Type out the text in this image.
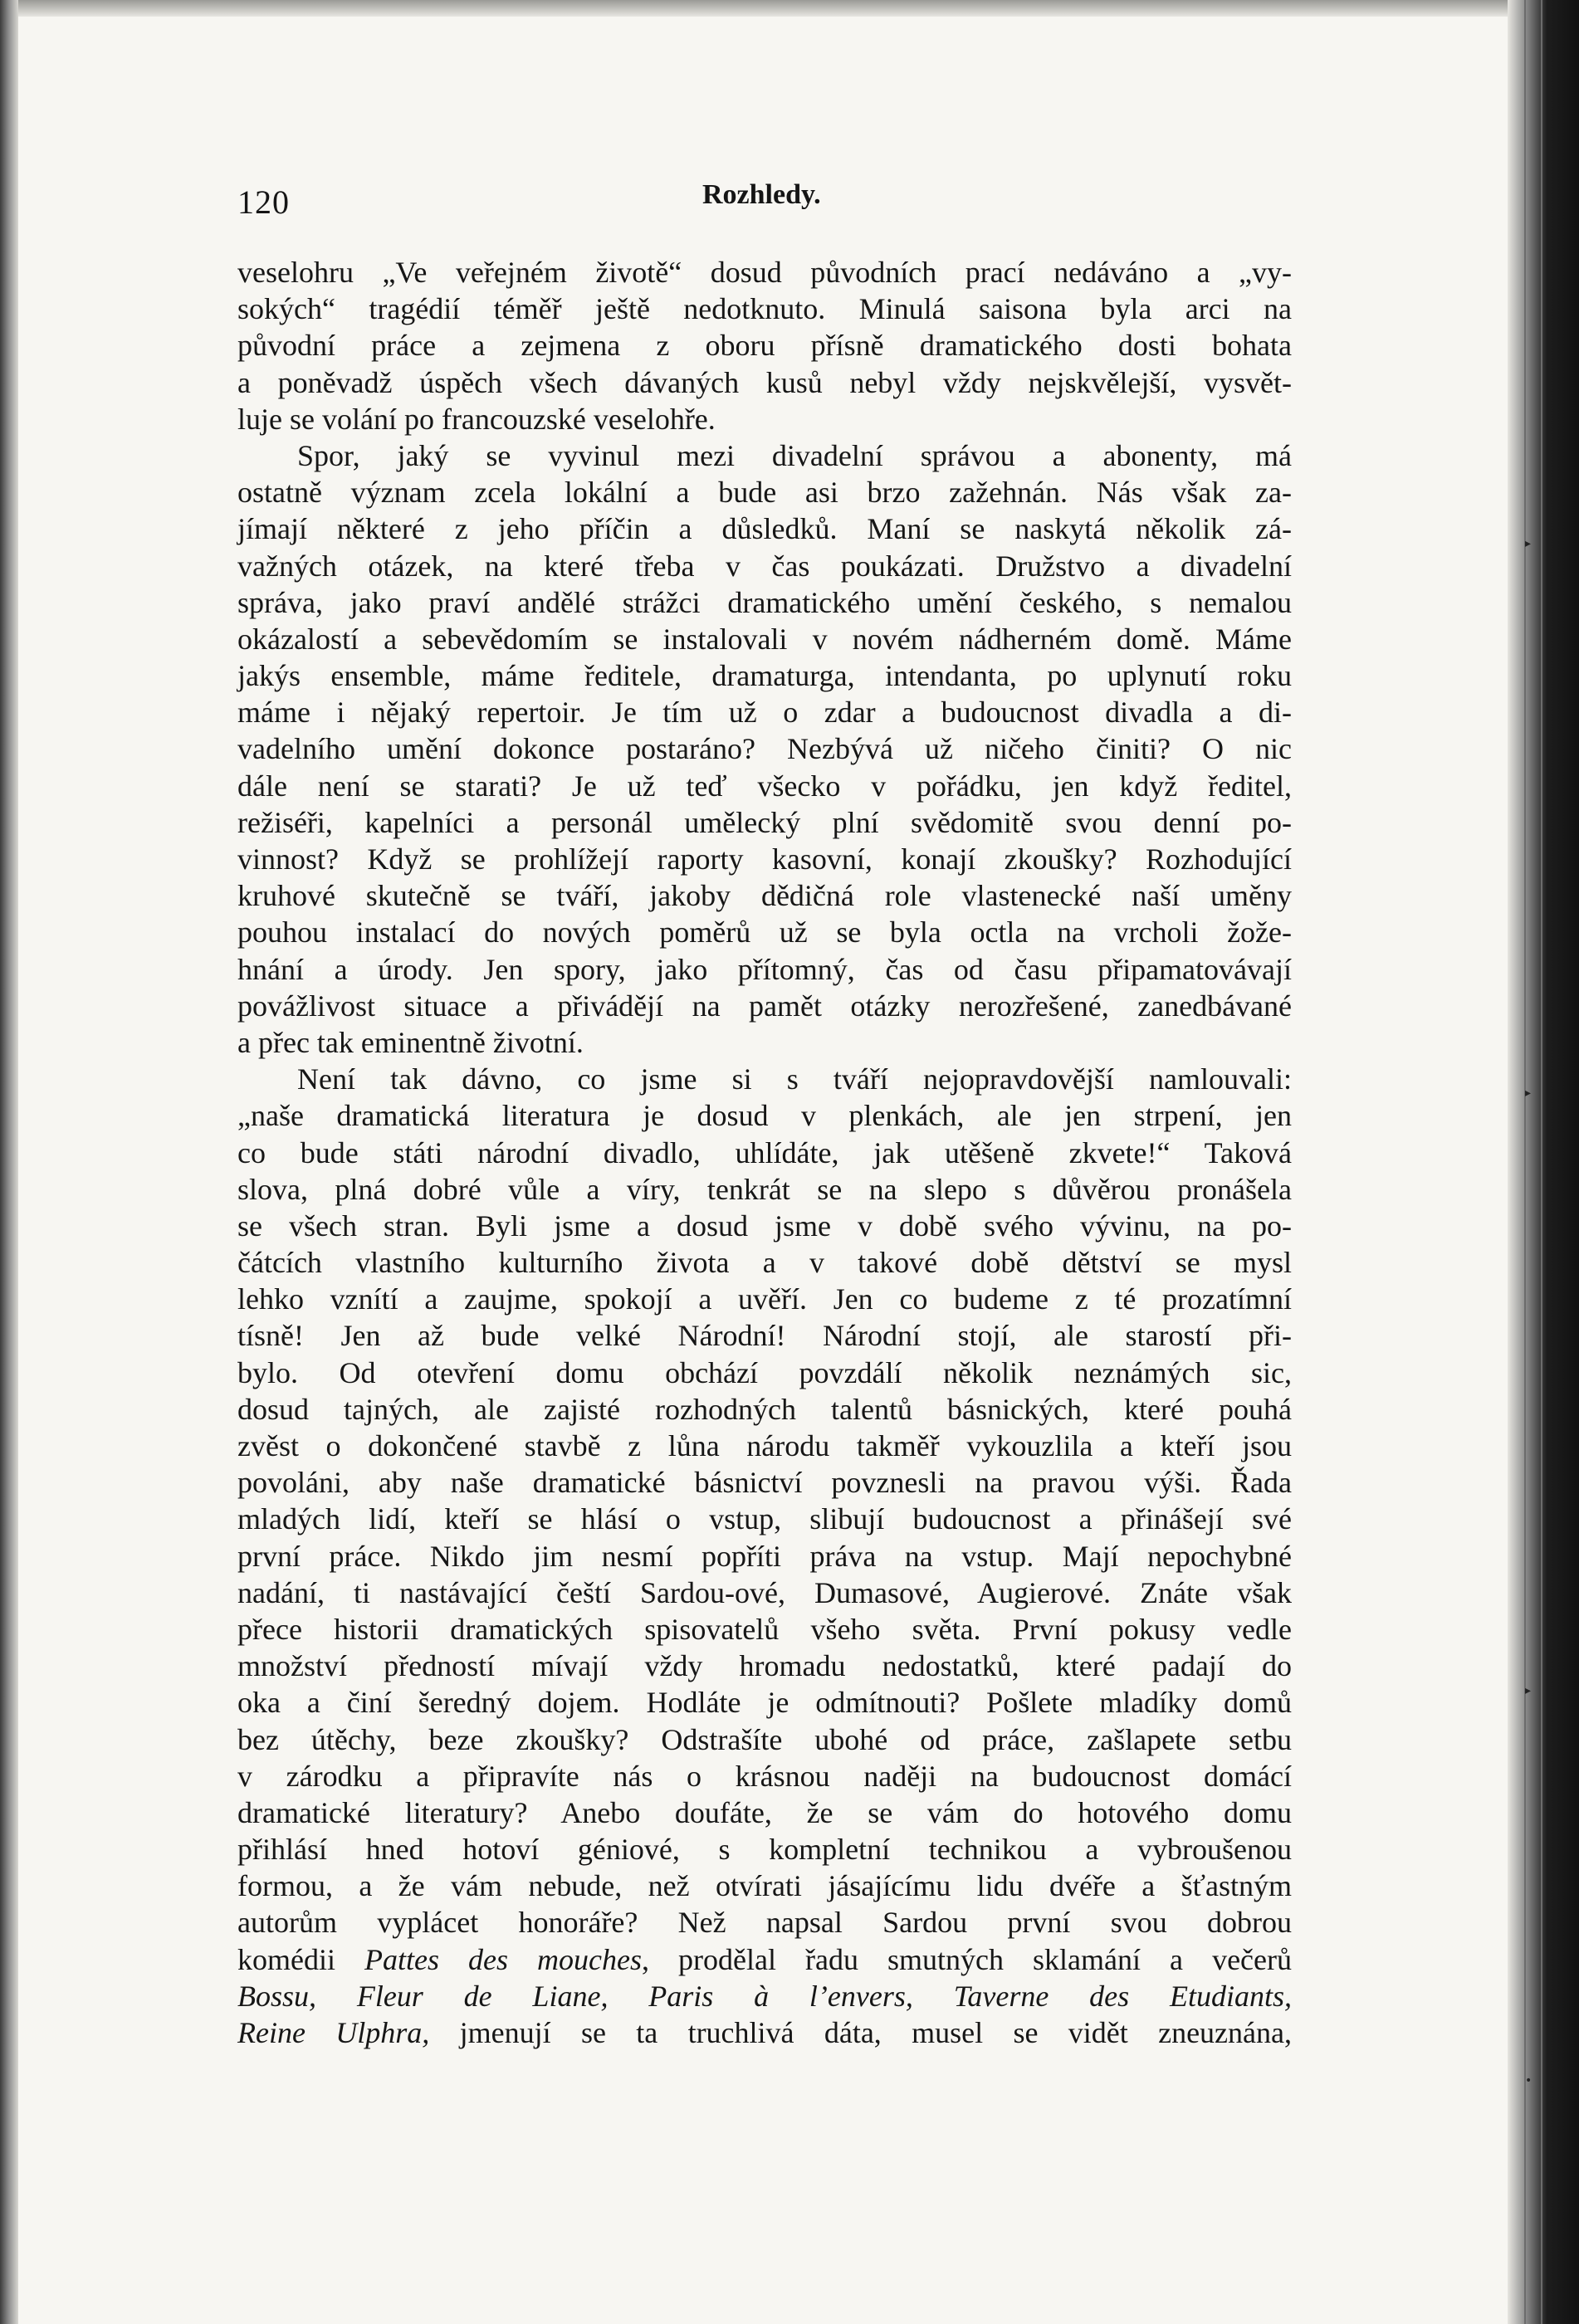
▸
▸
▸
•
120	Rozhledy.
veselohru „Ve veřejném životě“ dosud původních prací nedáváno a „vy-
sokých“ tragédií téměř ještě nedotknuto. Minulá saisona byla arci na
původní práce a zejmena z oboru přísně dramatického dosti bohata
a poněvadž úspěch všech dávaných kusů nebyl vždy nejskvělejší, vysvět-
luje se volání po francouzské veselohře.
Spor, jaký se vyvinul mezi divadelní správou a abonenty, má
ostatně význam zcela lokální a bude asi brzo zažehnán. Nás však za-
jímají některé z jeho příčin a důsledků. Maní se naskytá několik zá-
važných otázek, na které třeba v čas poukázati. Družstvo a divadelní
správa, jako praví andělé strážci dramatického umění českého, s nemalou
okázalostí a sebevědomím se instalovali v novém nádherném domě. Máme
jakýs ensemble, máme ředitele, dramaturga, intendanta, po uplynutí roku
máme i nějaký repertoir. Je tím už o zdar a budoucnost divadla a di-
vadelního umění dokonce postaráno? Nezbývá už ničeho činiti? O nic
dále není se starati? Je už teď všecko v pořádku, jen když ředitel,
režiséři, kapelníci a personál umělecký plní svědomitě svou denní po-
vinnost? Když se prohlížejí raporty kasovní, konají zkoušky? Rozhodující
kruhové skutečně se tváří, jakoby dědičná role vlastenecké naší uměny
pouhou instalací do nových poměrů už se byla octla na vrcholi žože-
hnání a úrody. Jen spory, jako přítomný, čas od času připamatovávají
povážlivost situace a přivádějí na pamět otázky nerozřešené, zanedbávané
a přec tak eminentně životní.
Není tak dávno, co jsme si s tváří nejopravdovější namlouvali:
„naše dramatická literatura je dosud v plenkách, ale jen strpení, jen
co bude státi národní divadlo, uhlídáte, jak utěšeně zkvete!“ Taková
slova, plná dobré vůle a víry, tenkrát se na slepo s důvěrou pronášela
se všech stran. Byli jsme a dosud jsme v době svého vývinu, na po-
čátcích vlastního kulturního života a v takové době dětství se mysl
lehko vznítí a zaujme, spokojí a uvěří. Jen co budeme z té prozatímní
tísně! Jen až bude velké Národní! Národní stojí, ale starostí při-
bylo. Od otevření domu obchází povzdálí několik neznámých sic,
dosud tajných, ale zajisté rozhodných talentů básnických, které pouhá
zvěst o dokončené stavbě z lůna národu takměř vykouzlila a kteří jsou
povoláni, aby naše dramatické básnictví povznesli na pravou výši. Řada
mladých lidí, kteří se hlásí o vstup, slibují budoucnost a přinášejí své
první práce. Nikdo jim nesmí popříti práva na vstup. Mají nepochybné
nadání, ti nastávající čeští Sardou-ové, Dumasové, Augierové. Znáte však
přece historii dramatických spisovatelů všeho světa. První pokusy vedle
množství předností mívají vždy hromadu nedostatků, které padají do
oka a činí šeredný dojem. Hodláte je odmítnouti? Pošlete mladíky domů
bez útěchy, beze zkoušky? Odstrašíte ubohé od práce, zašlapete setbu
v zárodku a připravíte nás o krásnou naději na budoucnost domácí
dramatické literatury? Anebo doufáte, že se vám do hotového domu
přihlásí hned hotoví géniové, s kompletní technikou a vybroušenou
formou, a že vám nebude, než otvírati jásajícímu lidu dvéře a šťastným
autorům vyplácet honoráře? Než napsal Sardou první svou dobrou
komédii Pattes des mouches, prodělal řadu smutných sklamání a večerů
Bossu, Fleur de Liane, Paris à l’envers, Taverne des Etudiants,
Reine Ulphra, jmenují se ta truchlivá dáta, musel se vidět zneuznána,
